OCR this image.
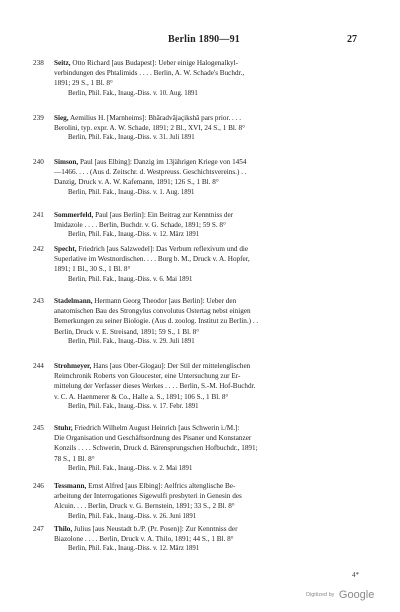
Berlin 1890—91	27
238	Seitz, Otto Richard [aus Budapest]: Ueber einige Halogenalkyl-
verbindungen des Phtalimids . . . . Berlin, A. W. Schade's Buchdr.,
1891; 29 S., 1 Bl. 8°
Berlin, Phil. Fak., Inaug.-Diss. v. 10. Aug. 1891
239	Sieg, Aemilius H. [Marnheims]: Bhāradvājaçikshā pars prior. . . .
Berolini, typ. expr. A. W. Schade, 1891; 2 Bl., XVI, 24 S., 1 Bl. 8°
Berlin, Phil. Fak., Inaug.-Diss. v. 31. Juli 1891
240	Simson, Paul [aus Elbing]: Danzig im 13jährigen Kriege von 1454
—1466. . . . (Aus d. Zeitschr. d. Westpreuss. Geschichtsvereins.) . .
Danzig, Druck v. A. W. Kafemann, 1891; 126 S., 1 Bl. 8°
Berlin, Phil. Fak., Inaug.-Diss. v. 1. Aug. 1891
241	Sommerfeld, Paul [aus Berlin]: Ein Beitrag zur Kenntniss der
Imidazole . . . . Berlin, Buchdr. v. G. Schade, 1891; 59 S. 8°
Berlin, Phil. Fak., Inaug.-Diss. v. 12. März 1891
242	Specht, Friedrich [aus Salzwedel]: Das Verbum reflexivum und die
Superlative im Westnordischen. . . . Burg b. M., Druck v. A. Hopfer,
1891; 1 Bl., 30 S., 1 Bl. 8°
Berlin, Phil. Fak., Inaug.-Diss. v. 6. Mai 1891
243	Stadelmann, Hermann Georg Theodor [aus Berlin]: Ueber den
anatomischen Bau des Strongylus convolutus Ostertag nebst einigen
Bemerkungen zu seiner Biologie. (Aus d. zoolog. Institut zu Berlin.) . .
Berlin, Druck v. E. Streisand, 1891; 59 S., 1 Bl. 8°
Berlin, Phil. Fak., Inaug.-Diss. v. 29. Juli 1891
244	Strohmeyer, Hans [aus Ober-Glogau]: Der Stil der mittelenglischen
Reimchronik Roberts von Gloucester, eine Untersuchung zur Er-
mittelung der Verfasser dieses Werkes . . . . Berlin, S.-M. Hof-Buchdr.
v. C. A. Haenmerer & Co., Halle a. S., 1891; 106 S., 1 Bl. 8°
Berlin, Phil. Fak., Inaug.-Diss. v. 17. Febr. 1891
245	Stuhr, Friedrich Wilhelm August Heinrich [aus Schwerin i./M.]:
Die Organisation und Geschäftsordnung des Pisaner und Konstanzer
Konzils . . . . Schwerin, Druck d. Bärensprungschen Hofbuchdr., 1891;
78 S., 1 Bl. 8°
Berlin, Phil. Fak., Inaug.-Diss. v. 2. Mai 1891
246	Tessmann, Ernst Alfred [aus Elbing]: Aelfrics altenglische Be-
arbeitung der Interrogationes Sigewulfi presbyteri in Genesin des
Alcuin. . . . Berlin, Druck v. G. Bernstein, 1891; 33 S., 2 Bl. 8°
Berlin, Phil. Fak., Inaug.-Diss. v. 26. Juni 1891
247	Thilo, Julius [aus Neustadt b./P. (Pr. Posen)]: Zur Kenntniss der
Biazolone . . . . Berlin, Druck v. A. Thilo, 1891; 44 S., 1 Bl. 8°
Berlin, Phil. Fak., Inaug.-Diss. v. 12. März 1891
4*
Digitized by Google
